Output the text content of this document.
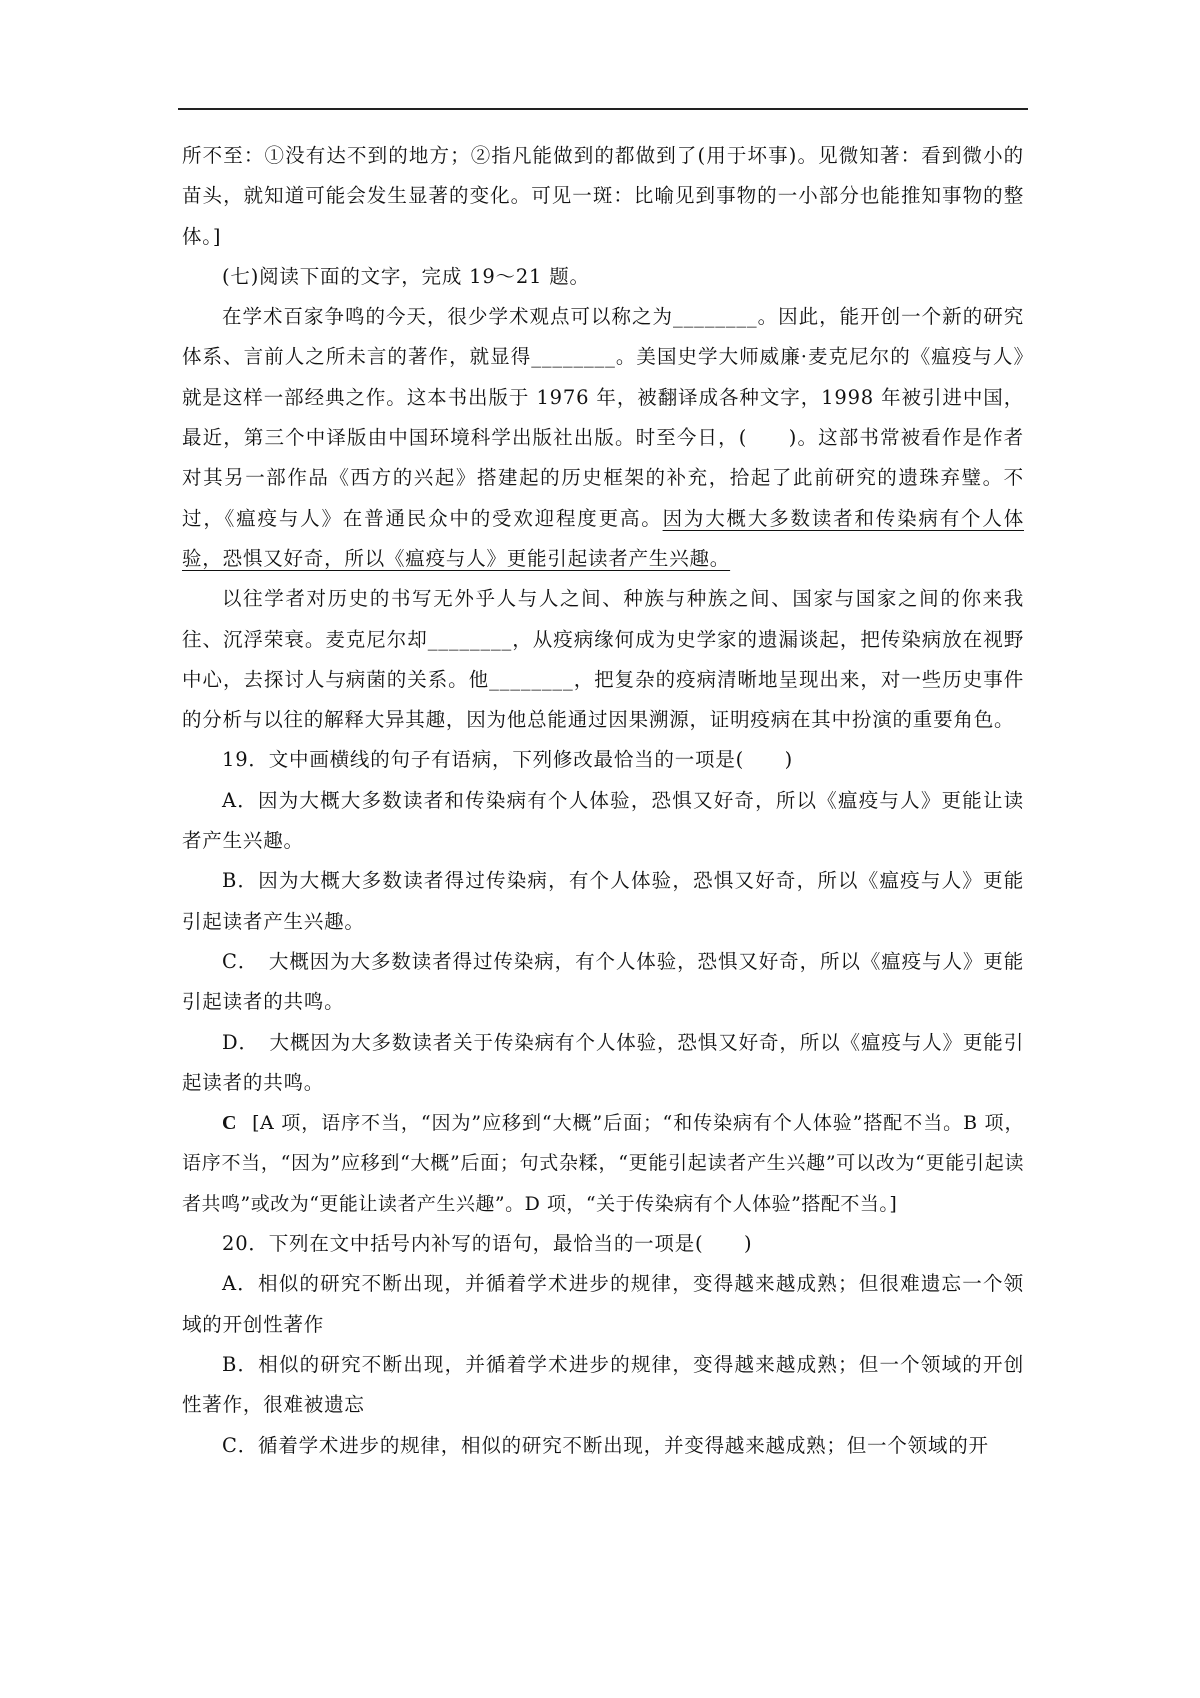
所不至：①没有达不到的地方；②指凡能做到的都做到了(用于坏事)。见微知著：看到微小的苗头，就知道可能会发生显著的变化。可见一斑：比喻见到事物的一小部分也能推知事物的整体。]

(七)阅读下面的文字，完成 19～21 题。

在学术百家争鸣的今天，很少学术观点可以称之为________。因此，能开创一个新的研究体系、言前人之所未言的著作，就显得________。美国史学大师威廉·麦克尼尔的《瘟疫与人》就是这样一部经典之作。这本书出版于 1976 年，被翻译成各种文字，1998 年被引进中国，最近，第三个中译版由中国环境科学出版社出版。时至今日，(　　)。这部书常被看作是作者对其另一部作品《西方的兴起》搭建起的历史框架的补充，拾起了此前研究的遗珠弃璧。不过，《瘟疫与人》在普通民众中的受欢迎程度更高。因为大概大多数读者和传染病有个人体验，恐惧又好奇，所以《瘟疫与人》更能引起读者产生兴趣。

以往学者对历史的书写无外乎人与人之间、种族与种族之间、国家与国家之间的你来我往、沉浮荣衰。麦克尼尔却________，从疫病缘何成为史学家的遗漏谈起，把传染病放在视野中心，去探讨人与病菌的关系。他________，把复杂的疫病清晰地呈现出来，对一些历史事件的分析与以往的解释大异其趣，因为他总能通过因果溯源，证明疫病在其中扮演的重要角色。

19．文中画横线的句子有语病，下列修改最恰当的一项是(　　)

A．因为大概大多数读者和传染病有个人体验，恐惧又好奇，所以《瘟疫与人》更能让读者产生兴趣。

B．因为大概大多数读者得过传染病，有个人体验，恐惧又好奇，所以《瘟疫与人》更能引起读者产生兴趣。

C．　大概因为大多数读者得过传染病，有个人体验，恐惧又好奇，所以《瘟疫与人》更能引起读者的共鸣。

D．　大概因为大多数读者关于传染病有个人体验，恐惧又好奇，所以《瘟疫与人》更能引起读者的共鸣。

C [A 项，语序不当，“因为”应移到“大概”后面；“和传染病有个人体验”搭配不当。B 项，语序不当，“因为”应移到“大概”后面；句式杂糅，“更能引起读者产生兴趣”可以改为“更能引起读者共鸣”或改为“更能让读者产生兴趣”。D 项，“关于传染病有个人体验”搭配不当。]

20．下列在文中括号内补写的语句，最恰当的一项是(　　)

A．相似的研究不断出现，并循着学术进步的规律，变得越来越成熟；但很难遗忘一个领域的开创性著作

B．相似的研究不断出现，并循着学术进步的规律，变得越来越成熟；但一个领域的开创性著作，很难被遗忘

C．循着学术进步的规律，相似的研究不断出现，并变得越来越成熟；但一个领域的开
